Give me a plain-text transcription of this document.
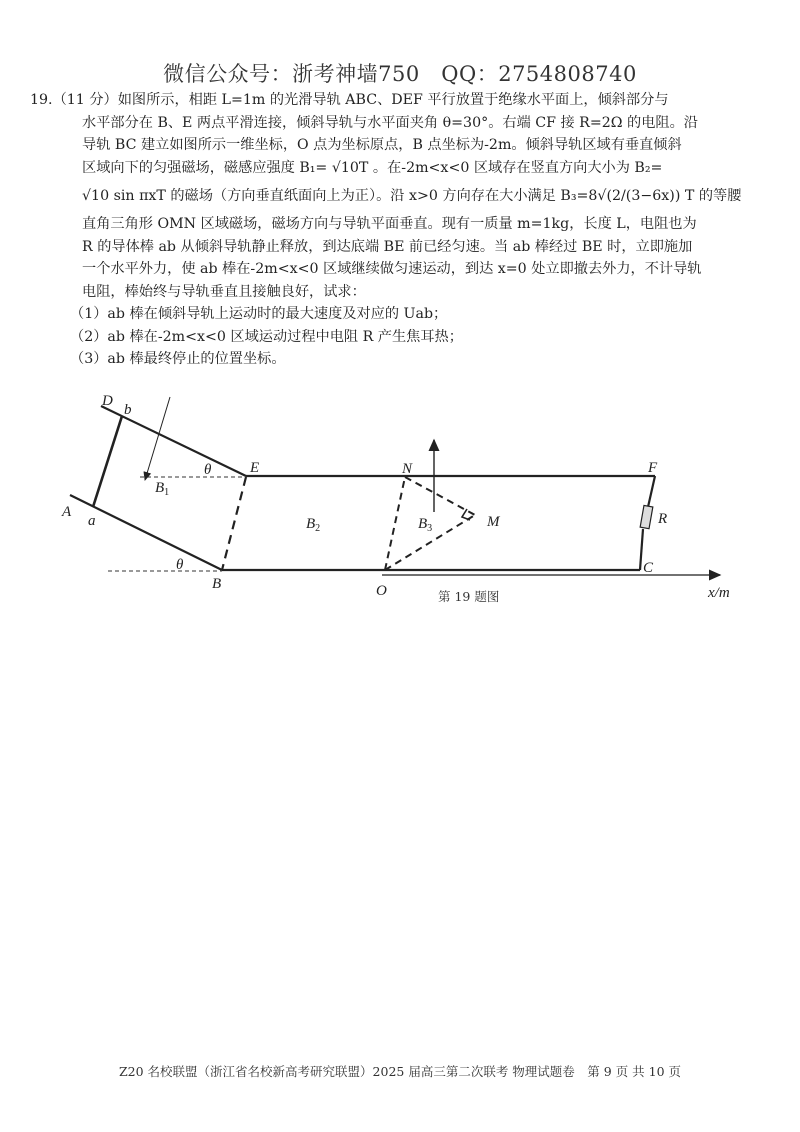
微信公众号：浙考神墙750 QQ：2754808740
19.（11 分）如图所示，相距 L=1m 的光滑导轨 ABC、DEF 平行放置于绝缘水平面上，倾斜部分与
水平部分在 B、E 两点平滑连接，倾斜导轨与水平面夹角 θ=30°。右端 CF 接 R=2Ω 的电阻。沿
导轨 BC 建立如图所示一维坐标，O 点为坐标原点，B 点坐标为-2m。倾斜导轨区域有垂直倾斜
区域向下的匀强磁场，磁感应强度 B₁= √10T 。在-2m<x<0 区域存在竖直方向大小为 B₂=
√10 sin πxT 的磁场（方向垂直纸面向上为正）。沿 x>0 方向存在大小满足 B₃=8√(2/(3−6x)) T 的等腰
直角三角形 OMN 区域磁场，磁场方向与导轨平面垂直。现有一质量 m=1kg，长度 L，电阻也为
R 的导体棒 ab 从倾斜导轨静止释放，到达底端 BE 前已经匀速。当 ab 棒经过 BE 时，立即施加
一个水平外力，使 ab 棒在-2m<x<0 区域继续做匀速运动，到达 x=0 处立即撤去外力，不计导轨
电阻，棒始终与导轨垂直且接触良好，试求：
（1）ab 棒在倾斜导轨上运动时的最大速度及对应的 Uab；
（2）ab 棒在-2m<x<0 区域运动过程中电阻 R 产生焦耳热；
（3）ab 棒最终停止的位置坐标。
D
b
A
a
θ
θ
$B_1$
E
B
$B_2$
N
$B_3$	M
O
F
R
C
x/m
第 19 题图
Z20 名校联盟（浙江省名校新高考研究联盟）2025 届高三第二次联考 物理试题卷　第 9 页 共 10 页
